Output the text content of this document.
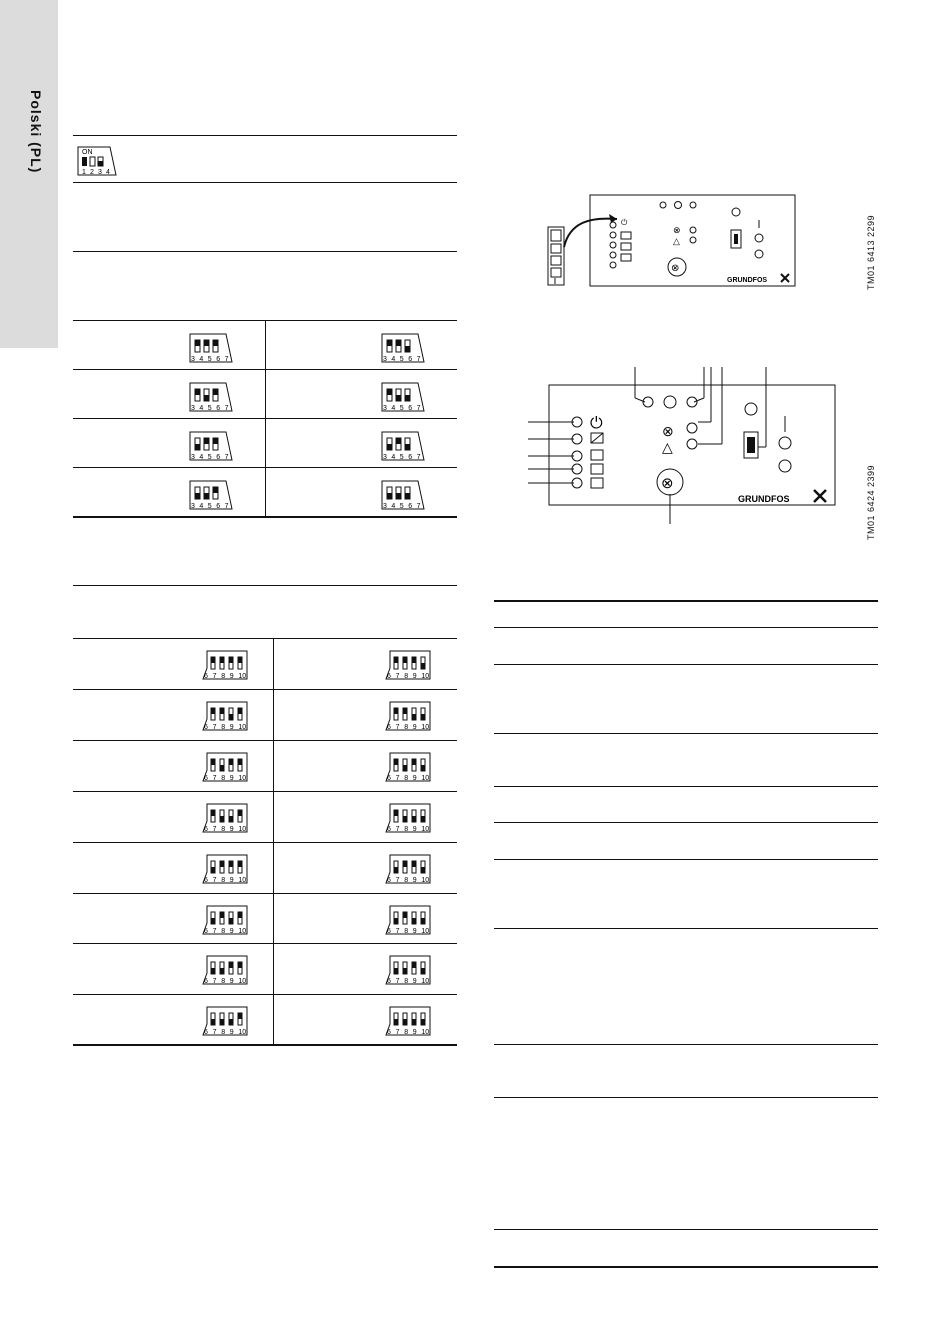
Polski (PL)	ON
1 2 3 4
3 4 5 6 7	3 4 5 6 7
3 4 5 6 7	3 4 5 6 7
3 4 5 6 7	3 4 5 6 7
3 4 5 6 7	3 4 5 6 7
6 7 8 9 10	6 7 8 9 10
6 7 8 9 10	6 7 8 9 10
6 7 8 9 10	6 7 8 9 10
6 7 8 9 10	6 7 8 9 10
6 7 8 9 10	6 7 8 9 10
6 7 8 9 10	6 7 8 9 10
6 7 8 9 10	6 7 8 9 10
6 7 8 9 10	6 7 8 9 10
⏻
⊗
△
⊗
GRUNDFOS	TM01 6413 2299
⏻	⊗
△
⊗
GRUNDFOS	TM01 6424 2399
